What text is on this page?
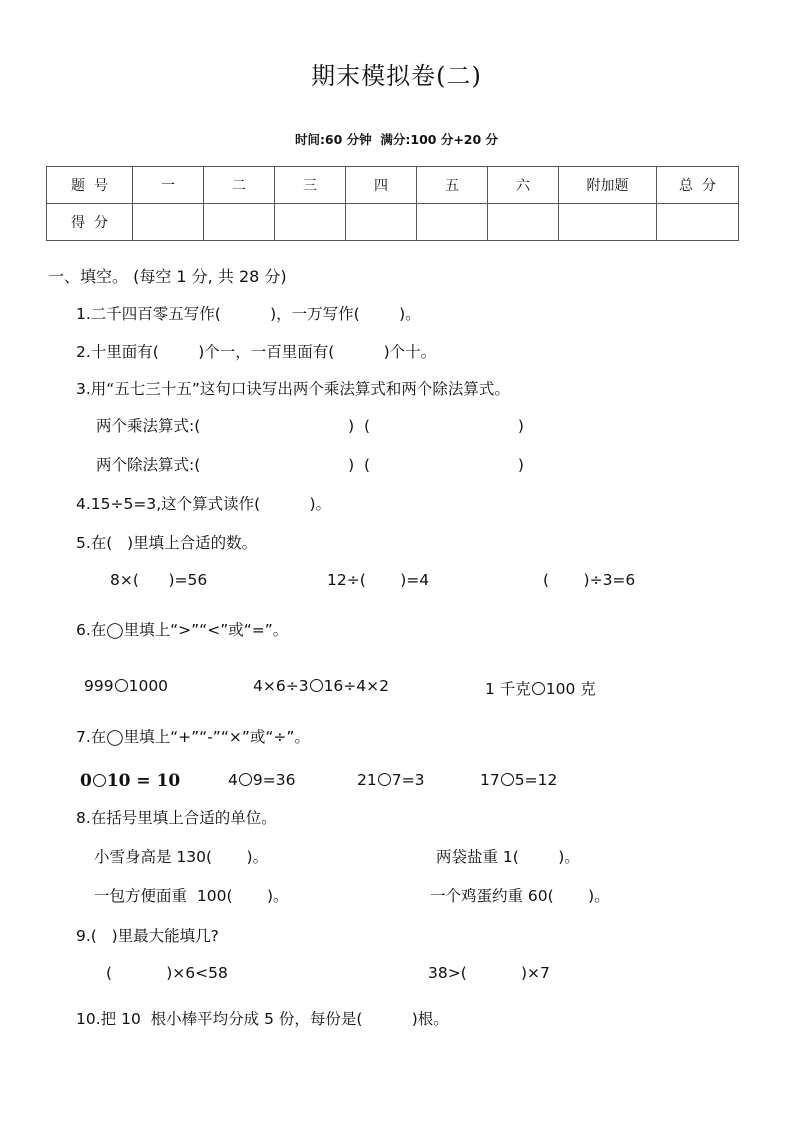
期末模拟卷(二)
时间:60 分钟  满分:100 分+20 分
题  号	一	二	三	四	五	六	附加题	总  分
得  分								
一、填空。 (每空 1 分, 共 28 分)
1.二千四百零五写作(          )，一万写作(        )。
2.十里面有(        )个一，一百里面有(          )个十。
3.用“五七三十五”这句口诀写出两个乘法算式和两个除法算式。
两个乘法算式:(                              )  (                              )
两个除法算式:(                              )  (                              )
4.15÷5=3,这个算式读作(          )。
5.在(   )里填上合适的数。
8×(      )=56	12÷(       )=4	(       )÷3=6
6.在◯里填上“>”“<”或“=”。
999 1000	4×6÷3 16÷4×2	1 千克 100 克
7.在◯里填上“+”“-”“×”或“÷”。
0 10 = 10	4 9=36	21 7=3	17 5=12
8.在括号里填上合适的单位。
小雪身高是 130(       )。	两袋盐重 1(        )。
一包方便面重  100(       )。	一个鸡蛋约重 60(       )。
9.(   )里最大能填几?
(           )×6<58	38>(           )×7
10.把 10  根小棒平均分成 5 份，每份是(          )根。
